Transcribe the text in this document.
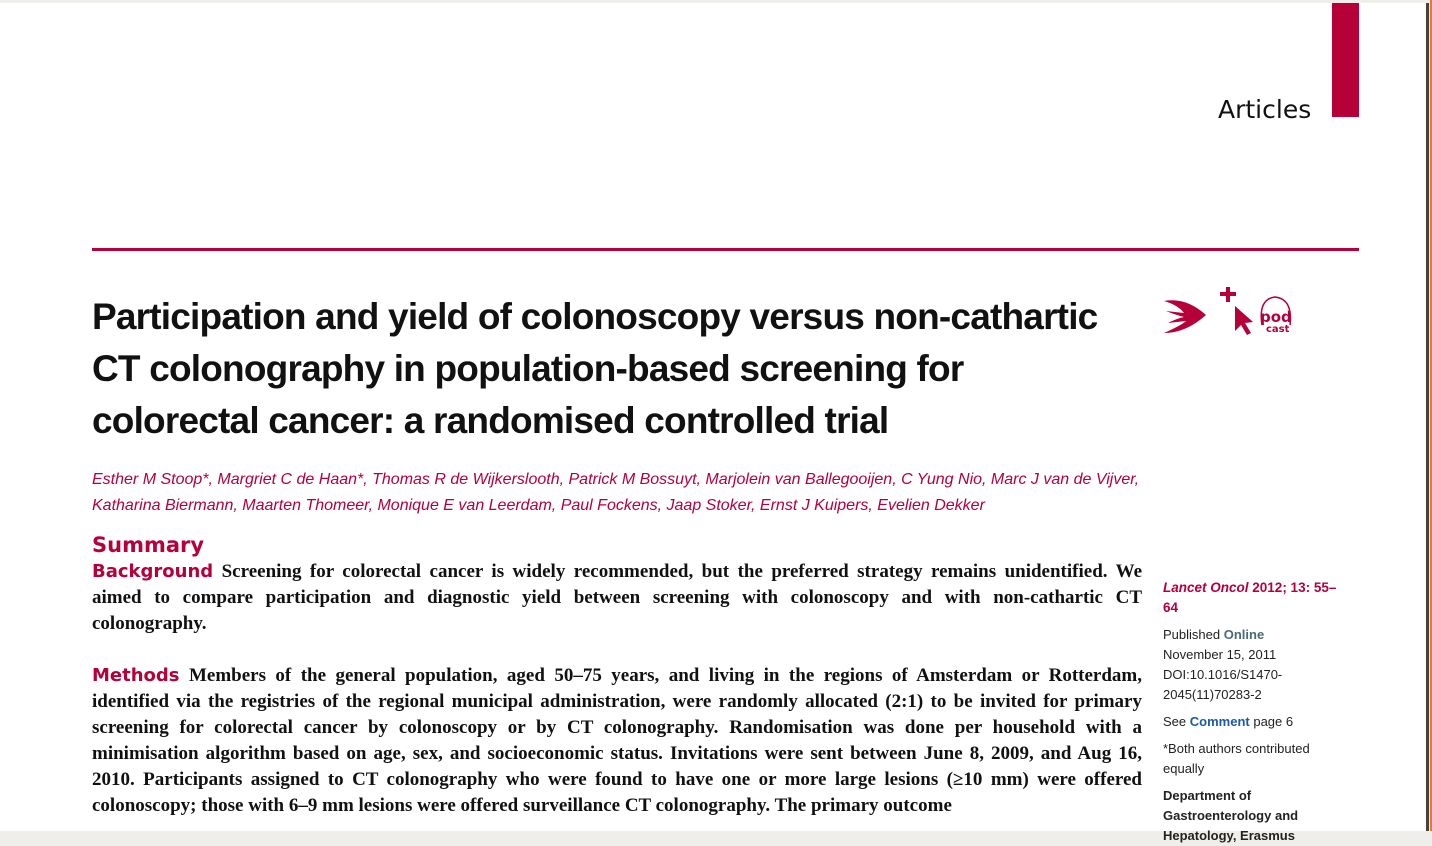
Articles
pod
cast
Participation and yield of colonoscopy versus non-cathartic CT colonography in population-based screening for colorectal cancer: a randomised controlled trial
Esther M Stoop*, Margriet C de Haan*, Thomas R de Wijkerslooth, Patrick M Bossuyt, Marjolein van Ballegooijen, C Yung Nio, Marc J van de Vijver, Katharina Biermann, Maarten Thomeer, Monique E van Leerdam, Paul Fockens, Jaap Stoker, Ernst J Kuipers, Evelien Dekker
Summary
Background Screening for colorectal cancer is widely recommended, but the preferred strategy remains unidentified. We aimed to compare participation and diagnostic yield between screening with colonoscopy and with non-cathartic CT colonography.
Methods Members of the general population, aged 50–75 years, and living in the regions of Amsterdam or Rotterdam, identified via the registries of the regional municipal administration, were randomly allocated (2:1) to be invited for primary screening for colorectal cancer by colonoscopy or by CT colonography. Randomisation was done per household with a minimisation algorithm based on age, sex, and socioeconomic status. Invitations were sent between June 8, 2009, and Aug 16, 2010. Participants assigned to CT colonography who were found to have one or more large lesions (≥10 mm) were offered colonoscopy; those with 6–9 mm lesions were offered surveillance CT colonography. The primary outcome
Lancet Oncol 2012; 13: 55–64
Published Online
November 15, 2011
DOI:10.1016/S1470-
2045(11)70283-2
See Comment page 6
*Both authors contributed equally
Department of Gastroenterology and Hepatology, Erasmus
